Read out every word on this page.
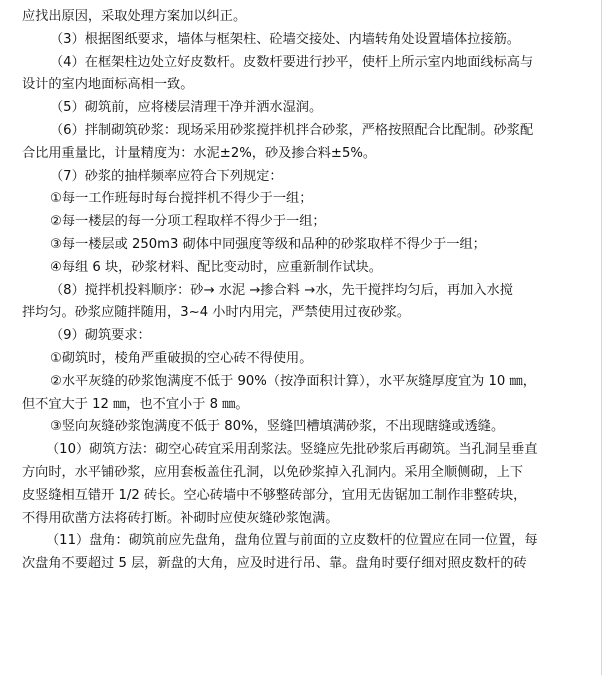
应找出原因，采取处理方案加以纠正。
（3）根据图纸要求，墙体与框架柱、砼墙交接处、内墙转角处设置墙体拉接筋。
（4）在框架柱边处立好皮数杆。皮数杆要进行抄平，使杆上所示室内地面线标高与
设计的室内地面标高相一致。
（5）砌筑前，应将楼层清理干净并洒水湿润。
（6）拌制砌筑砂浆：现场采用砂浆搅拌机拌合砂浆，严格按照配合比配制。砂浆配
合比用重量比，计量精度为：水泥±2%，砂及掺合料±5%。
（7）砂浆的抽样频率应符合下列规定：
①每一工作班每时每台搅拌机不得少于一组；
②每一楼层的每一分项工程取样不得少于一组；
③每一楼层或 250m3 砌体中同强度等级和品种的砂浆取样不得少于一组；
④每组 6 块，砂浆材料、配比变动时，应重新制作试块。
（8）搅拌机投料顺序：砂→ 水泥 →掺合料 →水，先干搅拌均匀后，再加入水搅
拌均匀。砂浆应随拌随用，3~4 小时内用完，严禁使用过夜砂浆。
（9）砌筑要求：
①砌筑时，棱角严重破损的空心砖不得使用。
②水平灰缝的砂浆饱满度不低于 90%（按净面积计算），水平灰缝厚度宜为 10 ㎜，
但不宜大于 12 ㎜，也不宜小于 8 ㎜。
③竖向灰缝砂浆饱满度不低于 80%，竖缝凹槽填满砂浆，不出现瞎缝或透缝。
（10）砌筑方法：砌空心砖宜采用刮浆法。竖缝应先批砂浆后再砌筑。当孔洞呈垂直
方向时，水平铺砂浆，应用套板盖住孔洞，以免砂浆掉入孔洞内。采用全顺侧砌，上下
皮竖缝相互错开 1/2 砖长。空心砖墙中不够整砖部分，宜用无齿锯加工制作非整砖块，
不得用砍凿方法将砖打断。补砌时应使灰缝砂浆饱满。
（11）盘角：砌筑前应先盘角，盘角位置与前面的立皮数杆的位置应在同一位置，每
次盘角不要超过 5 层，新盘的大角，应及时进行吊、靠。盘角时要仔细对照皮数杆的砖
